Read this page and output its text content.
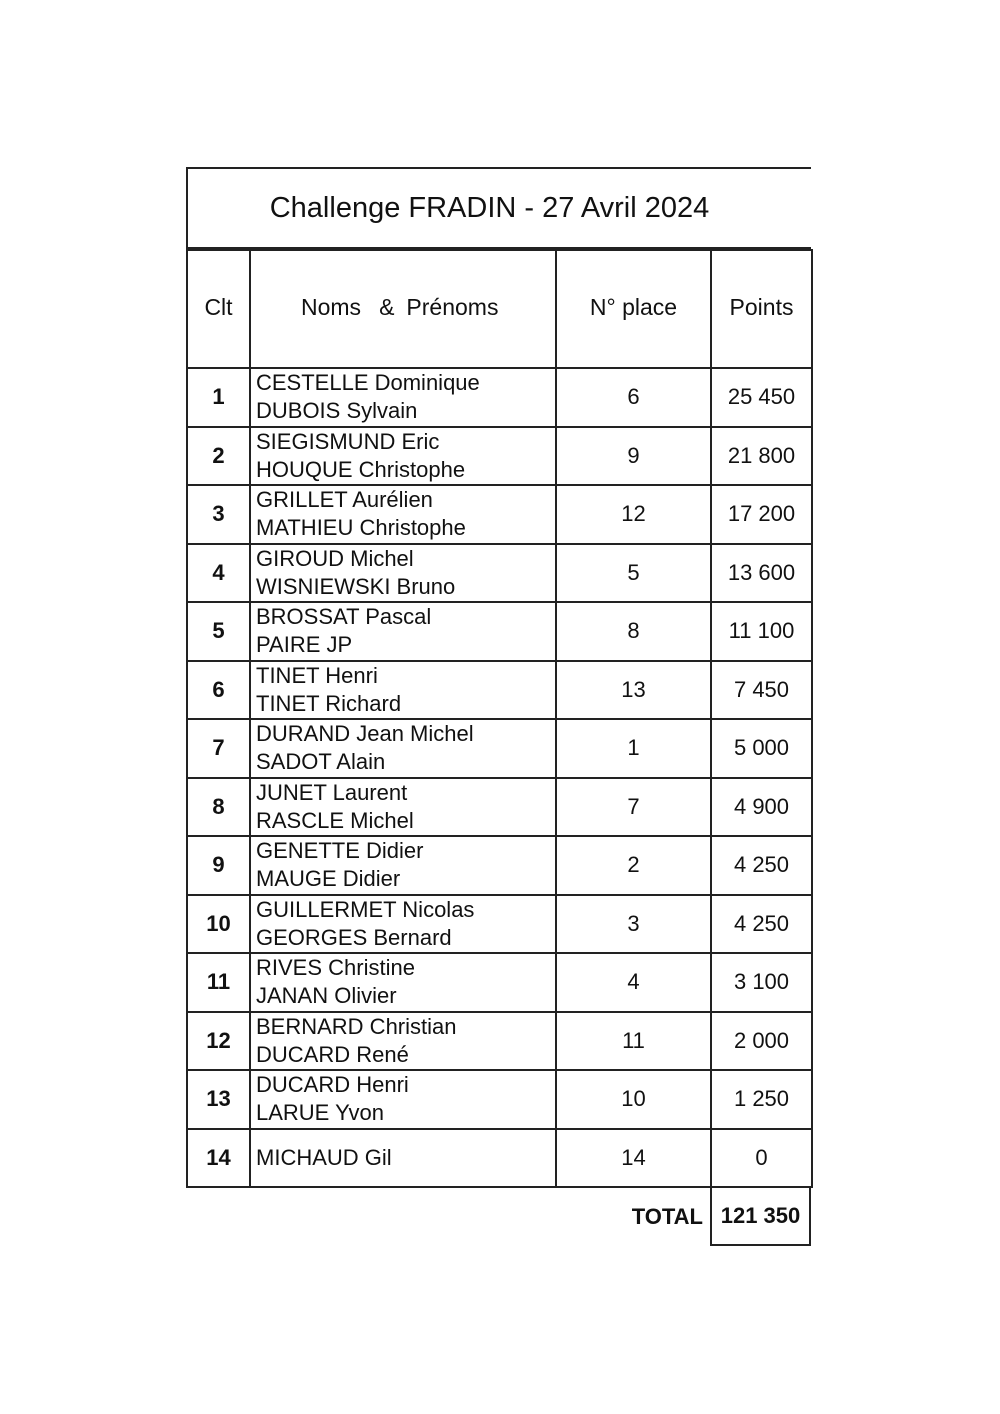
Challenge FRADIN - 27 Avril 2024
Clt	Noms & Prénoms	N° place	Points
1	CESTELLE Dominique
DUBOIS Sylvain	6	25 450
2	SIEGISMUND Eric
HOUQUE Christophe	9	21 800
3	GRILLET Aurélien
MATHIEU Christophe	12	17 200
4	GIROUD Michel
WISNIEWSKI Bruno	5	13 600
5	BROSSAT Pascal
PAIRE JP	8	11 100
6	TINET Henri
TINET Richard	13	7 450
7	DURAND Jean Michel
SADOT Alain	1	5 000
8	JUNET Laurent
RASCLE Michel	7	4 900
9	GENETTE Didier
MAUGE Didier	2	4 250
10	GUILLERMET Nicolas
GEORGES Bernard	3	4 250
11	RIVES Christine
JANAN Olivier	4	3 100
12	BERNARD Christian
DUCARD René	11	2 000
13	DUCARD Henri
LARUE Yvon	10	1 250
14	MICHAUD Gil	14	0
TOTAL 121 350
